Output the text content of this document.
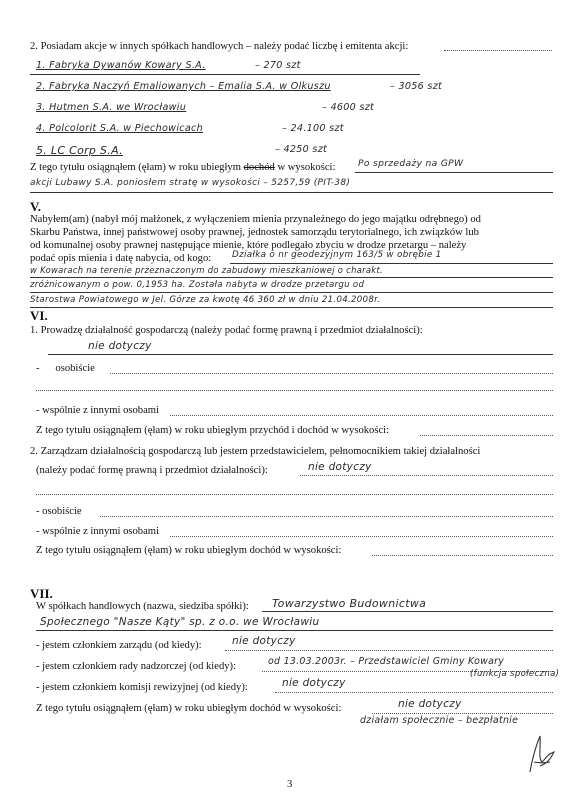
2. Posiadam akcje w innych spółkach handlowych – należy podać liczbę i emitenta akcji:
1. Fabryka Dywanów Kowary S.A.	– 270 szt
2. Fabryka Naczyń Emaliowanych – Emalia S.A. w Olkuszu	– 3056 szt
3. Hutmen S.A. we Wrocławiu	– 4600 szt
4. Polcolorit S.A. w Piechowicach	– 24.100 szt
5. LC Corp S.A.	– 4250 szt
Z tego tytułu osiągnąłem (ęłam) w roku ubiegłym dochód w wysokości: Po sprzedaży na GPW
akcji Lubawy S.A. poniosłem stratę w wysokości – 5257,59 (PIT-38)
V.
Nabyłem(am) (nabył mój małżonek, z wyłączeniem mienia przynależnego do jego majątku odrębnego) od
Skarbu Państwa, innej państwowej osoby prawnej, jednostek samorządu terytorialnego, ich związków lub
od komunalnej osoby prawnej następujące mienie, które podlegało zbyciu w drodze przetargu – należy
podać opis mienia i datę nabycia, od kogo: Działka o nr geodezyjnym 163/5 w obrębie 1
w Kowarach na terenie przeznaczonym do zabudowy mieszkaniowej o charakt.
zróżnicowanym o pow. 0,1953 ha. Została nabyta w drodze przetargu od
Starostwa Powiatowego w Jel. Górze za kwotę 46 360 zł w dniu 21.04.2008r.
VI.
1. Prowadzę działalność gospodarczą (należy podać formę prawną i przedmiot działalności):
nie dotyczy
-      osobiście
- wspólnie z innymi osobami
Z tego tytułu osiągnąłem (ęłam) w roku ubiegłym przychód i dochód w wysokości:
2. Zarządzam działalnością gospodarczą lub jestem przedstawicielem, pełnomocnikiem takiej działalności
(należy podać formę prawną i przedmiot działalności):	nie dotyczy
- osobiście
- wspólnie z innymi osobami
Z tego tytułu osiągnąłem (ęłam) w roku ubiegłym dochód w wysokości:
VII.
W spółkach handlowych (nazwa, siedziba spółki): Towarzystwo Budownictwa
Społecznego "Nasze Kąty" sp. z o.o. we Wrocławiu
- jestem członkiem zarządu (od kiedy):	nie dotyczy
- jestem członkiem rady nadzorczej (od kiedy):	od 13.03.2003r. – Przedstawiciel Gminy Kowary
(funkcja społeczna)
- jestem członkiem komisji rewizyjnej (od kiedy):	nie dotyczy
Z tego tytułu osiągnąłem (ęłam) w roku ubiegłym dochód w wysokości:	nie dotyczy
działam społecznie – bezpłatnie
3
